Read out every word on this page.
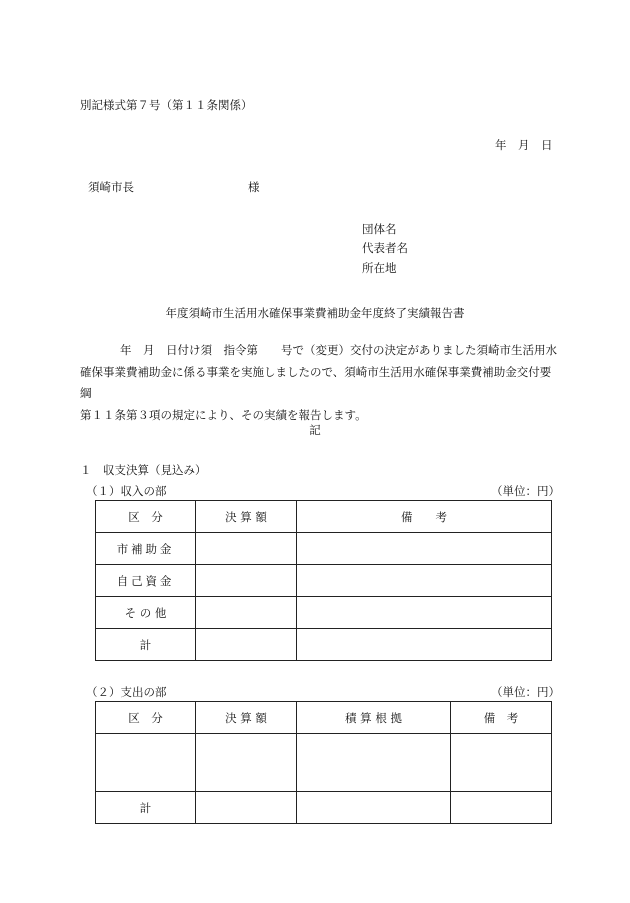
別記様式第７号（第１１条関係）
年　月　日
須崎市長	様
団体名
代表者名
所在地
年度須崎市生活用水確保事業費補助金年度終了実績報告書

年　月　日付け須　指令第　　号で（変更）交付の決定がありました須崎市生活用水

確保事業費補助金に係る事業を実施しましたので、須崎市生活用水確保事業費補助金交付要綱

第１１条第３項の規定により、その実績を報告します。

記
１　収支決算（見込み）
（１）収入の部	（単位：円）
区　分	決 算 額	備　　考
市補助金		
自己資金		
そ の 他		
計		
（２）支出の部	（単位：円）
区　分	決 算 額	積 算 根 拠	備　考

計			
